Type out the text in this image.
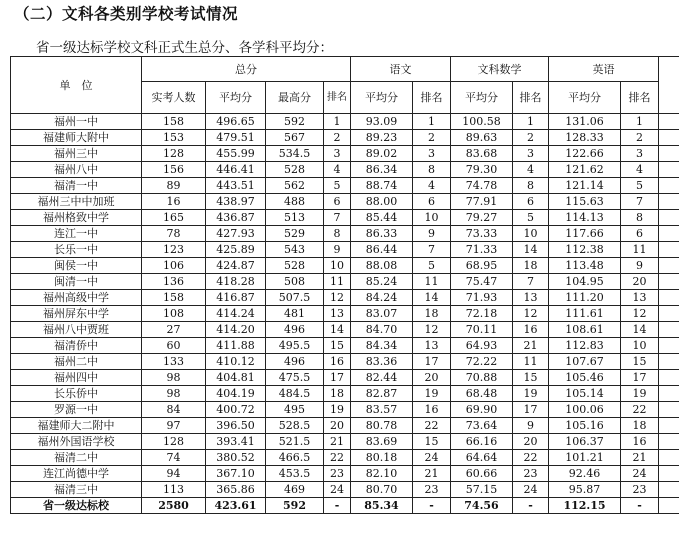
（二）文科各类别学校考试情况
省一级达标学校文科正式生总分、各学科平均分：
单　位	总分				语文		文科数学		英语		
	实考人数	平均分	最高分	排名	平均分	排名	平均分	排名	平均分	排名	
福州一中	158	496.65	592	1	93.09	1	100.58	1	131.06	1	
福建师大附中	153	479.51	567	2	89.23	2	89.63	2	128.33	2	
福州三中	128	455.99	534.5	3	89.02	3	83.68	3	122.66	3	
福州八中	156	446.41	528	4	86.34	8	79.30	4	121.62	4	
福清一中	89	443.51	562	5	88.74	4	74.78	8	121.14	5	
福州三中中加班	16	438.97	488	6	88.00	6	77.91	6	115.63	7	
福州格致中学	165	436.87	513	7	85.44	10	79.27	5	114.13	8	
连江一中	78	427.93	529	8	86.33	9	73.33	10	117.66	6	
长乐一中	123	425.89	543	9	86.44	7	71.33	14	112.38	11	
闽侯一中	106	424.87	528	10	88.08	5	68.95	18	113.48	9	
闽清一中	136	418.28	508	11	85.24	11	75.47	7	104.95	20	
福州高级中学	158	416.87	507.5	12	84.24	14	71.93	13	111.20	13	
福州屏东中学	108	414.24	481	13	83.07	18	72.18	12	111.61	12	
福州八中贾班	27	414.20	496	14	84.70	12	70.11	16	108.61	14	
福清侨中	60	411.88	495.5	15	84.34	13	64.93	21	112.83	10	
福州二中	133	410.12	496	16	83.36	17	72.22	11	107.67	15	
福州四中	98	404.81	475.5	17	82.44	20	70.88	15	105.46	17	
长乐侨中	98	404.19	484.5	18	82.87	19	68.48	19	105.14	19	
罗源一中	84	400.72	495	19	83.57	16	69.90	17	100.06	22	
福建师大二附中	97	396.50	528.5	20	80.78	22	73.64	9	105.16	18	
福州外国语学校	128	393.41	521.5	21	83.69	15	66.16	20	106.37	16	
福清二中	74	380.52	466.5	22	80.18	24	64.64	22	101.21	21	
连江尚德中学	94	367.10	453.5	23	82.10	21	60.66	23	92.46	24	
福清三中	113	365.86	469	24	80.70	23	57.15	24	95.87	23	
省一级达标校	2580	423.61	592	-	85.34	-	74.56	-	112.15	-	
